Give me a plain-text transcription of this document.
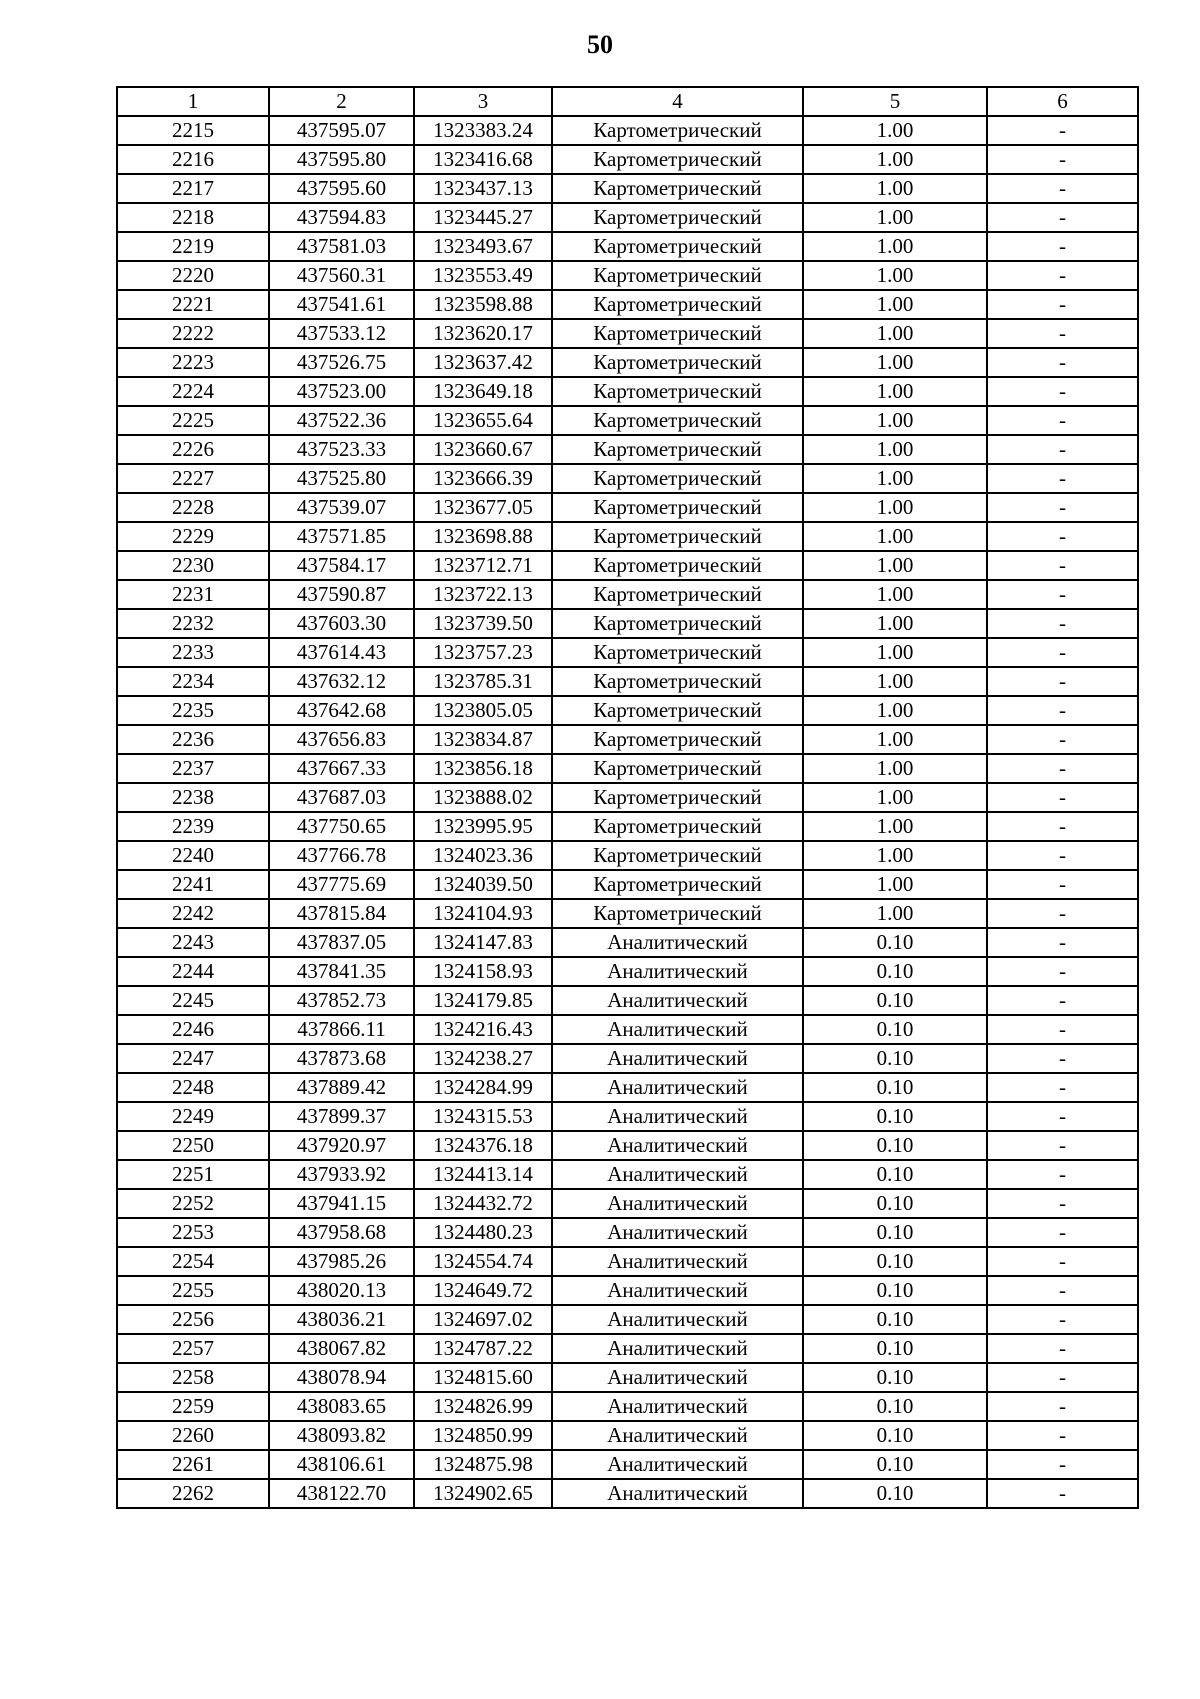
50
1	2	3	4	5	6
2215	437595.07	1323383.24	Картометрический	1.00	-
2216	437595.80	1323416.68	Картометрический	1.00	-
2217	437595.60	1323437.13	Картометрический	1.00	-
2218	437594.83	1323445.27	Картометрический	1.00	-
2219	437581.03	1323493.67	Картометрический	1.00	-
2220	437560.31	1323553.49	Картометрический	1.00	-
2221	437541.61	1323598.88	Картометрический	1.00	-
2222	437533.12	1323620.17	Картометрический	1.00	-
2223	437526.75	1323637.42	Картометрический	1.00	-
2224	437523.00	1323649.18	Картометрический	1.00	-
2225	437522.36	1323655.64	Картометрический	1.00	-
2226	437523.33	1323660.67	Картометрический	1.00	-
2227	437525.80	1323666.39	Картометрический	1.00	-
2228	437539.07	1323677.05	Картометрический	1.00	-
2229	437571.85	1323698.88	Картометрический	1.00	-
2230	437584.17	1323712.71	Картометрический	1.00	-
2231	437590.87	1323722.13	Картометрический	1.00	-
2232	437603.30	1323739.50	Картометрический	1.00	-
2233	437614.43	1323757.23	Картометрический	1.00	-
2234	437632.12	1323785.31	Картометрический	1.00	-
2235	437642.68	1323805.05	Картометрический	1.00	-
2236	437656.83	1323834.87	Картометрический	1.00	-
2237	437667.33	1323856.18	Картометрический	1.00	-
2238	437687.03	1323888.02	Картометрический	1.00	-
2239	437750.65	1323995.95	Картометрический	1.00	-
2240	437766.78	1324023.36	Картометрический	1.00	-
2241	437775.69	1324039.50	Картометрический	1.00	-
2242	437815.84	1324104.93	Картометрический	1.00	-
2243	437837.05	1324147.83	Аналитический	0.10	-
2244	437841.35	1324158.93	Аналитический	0.10	-
2245	437852.73	1324179.85	Аналитический	0.10	-
2246	437866.11	1324216.43	Аналитический	0.10	-
2247	437873.68	1324238.27	Аналитический	0.10	-
2248	437889.42	1324284.99	Аналитический	0.10	-
2249	437899.37	1324315.53	Аналитический	0.10	-
2250	437920.97	1324376.18	Аналитический	0.10	-
2251	437933.92	1324413.14	Аналитический	0.10	-
2252	437941.15	1324432.72	Аналитический	0.10	-
2253	437958.68	1324480.23	Аналитический	0.10	-
2254	437985.26	1324554.74	Аналитический	0.10	-
2255	438020.13	1324649.72	Аналитический	0.10	-
2256	438036.21	1324697.02	Аналитический	0.10	-
2257	438067.82	1324787.22	Аналитический	0.10	-
2258	438078.94	1324815.60	Аналитический	0.10	-
2259	438083.65	1324826.99	Аналитический	0.10	-
2260	438093.82	1324850.99	Аналитический	0.10	-
2261	438106.61	1324875.98	Аналитический	0.10	-
2262	438122.70	1324902.65	Аналитический	0.10	-
